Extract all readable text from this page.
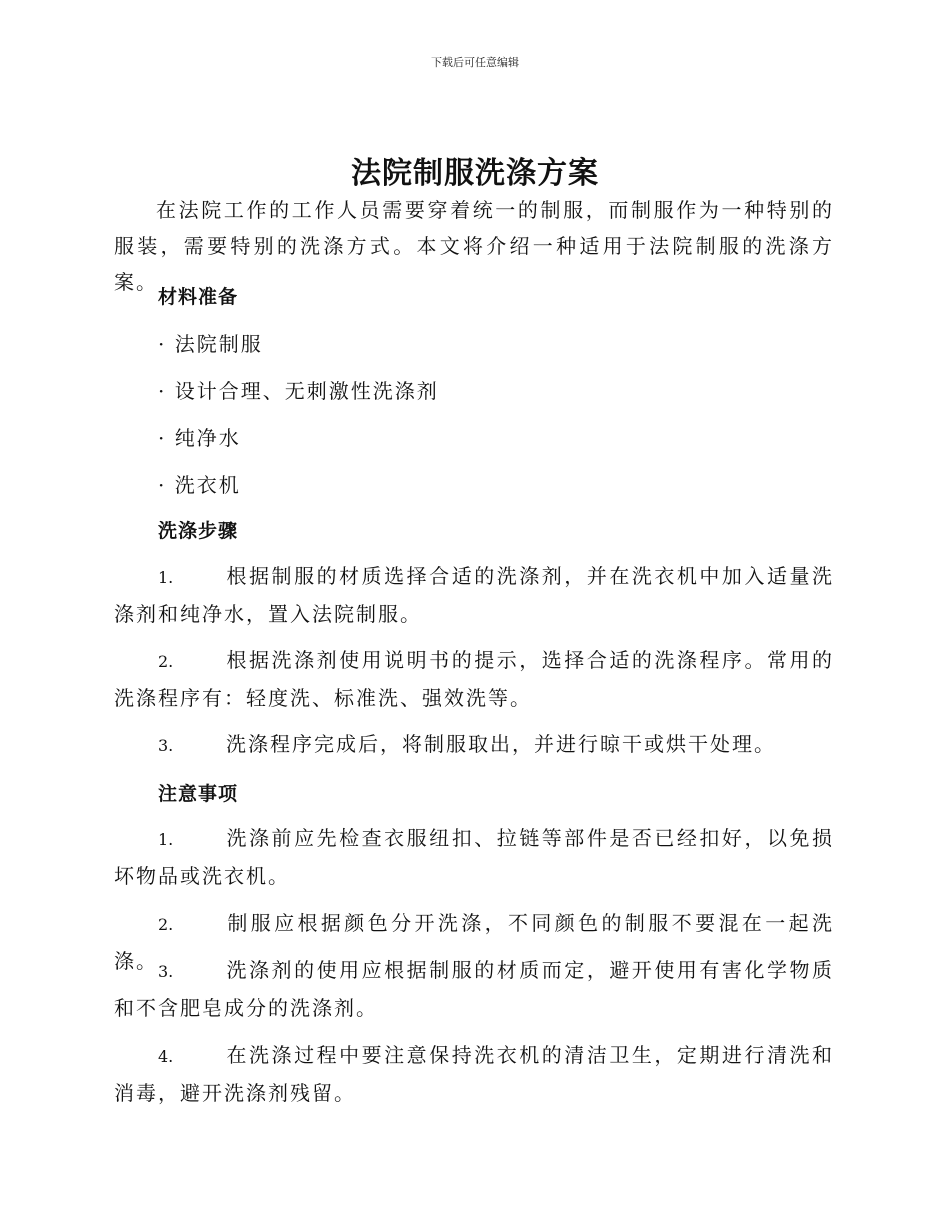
下载后可任意编辑
法院制服洗涤方案
在法院工作的工作人员需要穿着统一的制服，而制服作为一种特别的服装，需要特别的洗涤方式。本文将介绍一种适用于法院制服的洗涤方案。
材料准备
· 法院制服
· 设计合理、无刺激性洗涤剂
· 纯净水
· 洗衣机
洗涤步骤
1.	根据制服的材质选择合适的洗涤剂，并在洗衣机中加入适量洗涤剂和纯净水，置入法院制服。
2.	根据洗涤剂使用说明书的提示，选择合适的洗涤程序。常用的洗涤程序有：轻度洗、标准洗、强效洗等。
3.	洗涤程序完成后，将制服取出，并进行晾干或烘干处理。
注意事项
1.	洗涤前应先检查衣服纽扣、拉链等部件是否已经扣好，以免损坏物品或洗衣机。
2.	制服应根据颜色分开洗涤，不同颜色的制服不要混在一起洗涤。 3.	洗涤剂的使用应根据制服的材质而定，避开使用有害化学物质和不含肥皂成分的洗涤剂。
4.	在洗涤过程中要注意保持洗衣机的清洁卫生，定期进行清洗和消毒，避开洗涤剂残留。
